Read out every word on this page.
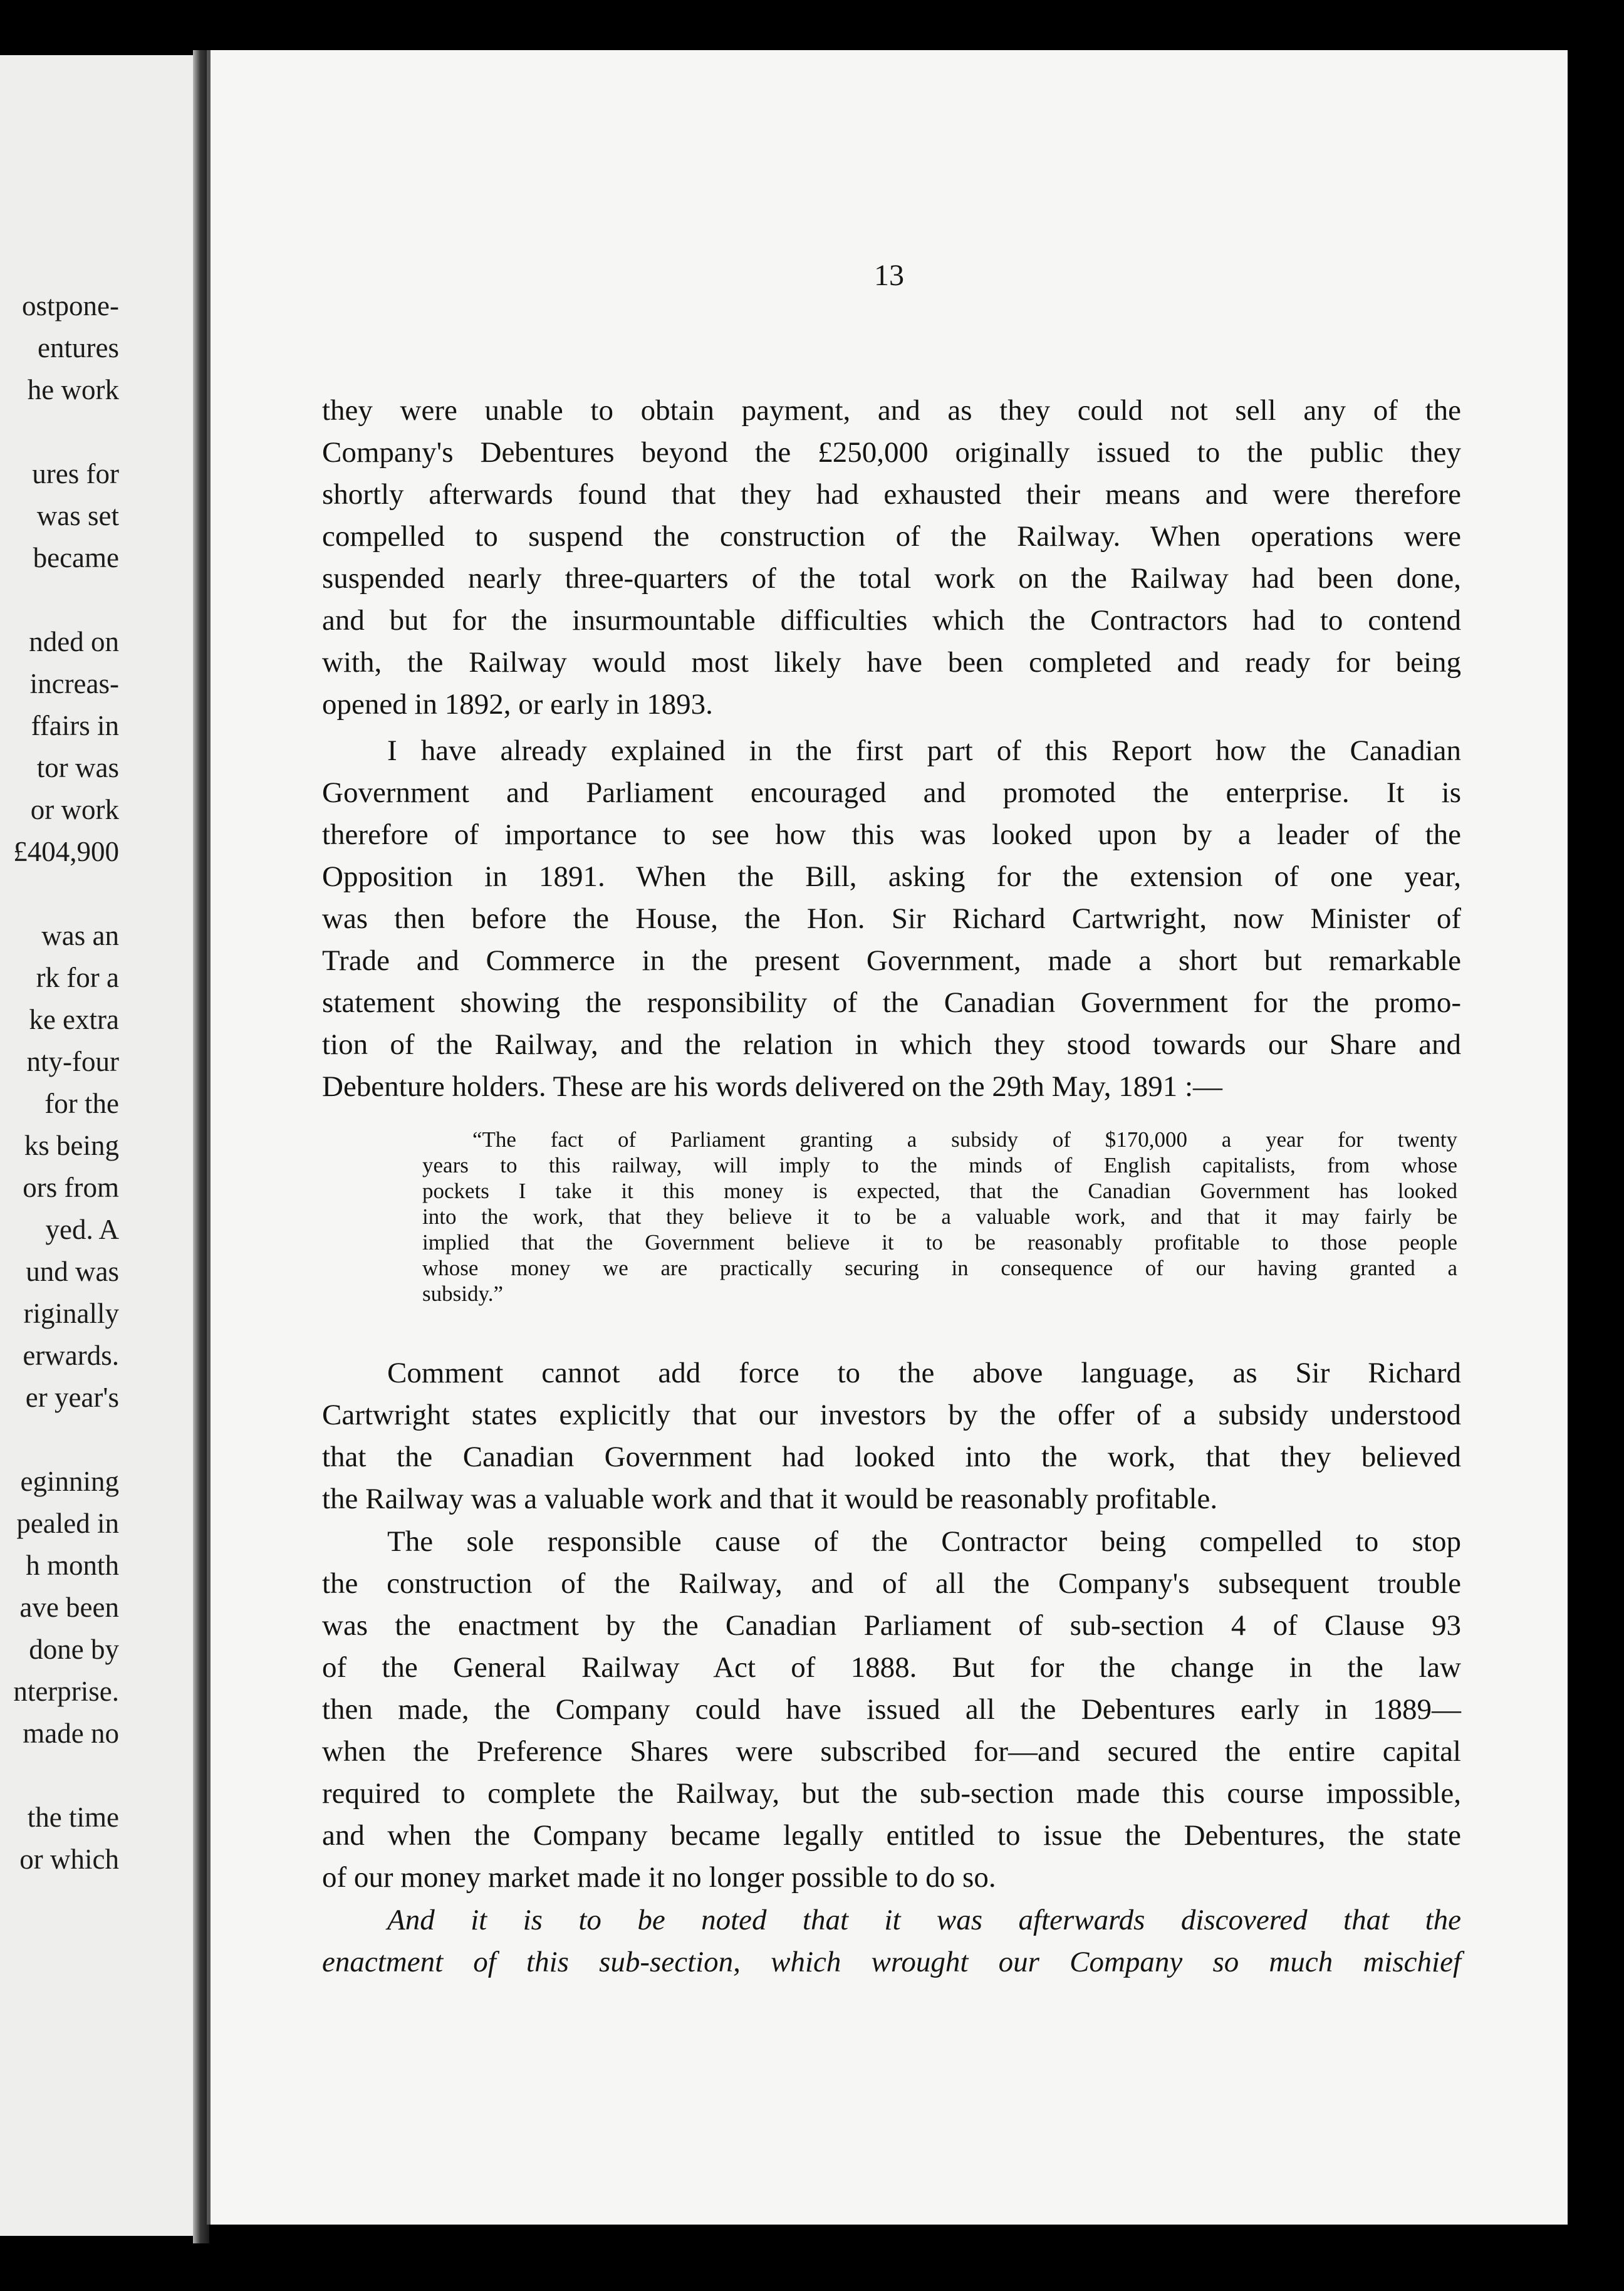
ostpone-
entures
he work
ures for
was set
became
nded on
increas-
ffairs in
tor was
or work
£404,900
was an
rk for a
ke extra
nty-four
for the
ks being
ors from
yed. A
und was
riginally
erwards.
er year's
eginning
pealed in
h month
ave been
done by
nterprise.
made no
the time
or which
13
they were unable to obtain payment, and as they could not sell any of the
Company's Debentures beyond the £250,000 originally issued to the public they
shortly afterwards found that they had exhausted their means and were therefore
compelled to suspend the construction of the Railway. When operations were
suspended nearly three-quarters of the total work on the Railway had been done,
and but for the insurmountable difficulties which the Contractors had to contend
with, the Railway would most likely have been completed and ready for being
opened in 1892, or early in 1893.
I have already explained in the first part of this Report how the Canadian
Government and Parliament encouraged and promoted the enterprise. It is
therefore of importance to see how this was looked upon by a leader of the
Opposition in 1891. When the Bill, asking for the extension of one year,
was then before the House, the Hon. Sir Richard Cartwright, now Minister of
Trade and Commerce in the present Government, made a short but remarkable
statement showing the responsibility of the Canadian Government for the promo-
tion of the Railway, and the relation in which they stood towards our Share and
Debenture holders. These are his words delivered on the 29th May, 1891 :—
“The fact of Parliament granting a subsidy of $170,000 a year for twenty
years to this railway, will imply to the minds of English capitalists, from whose
pockets I take it this money is expected, that the Canadian Government has looked
into the work, that they believe it to be a valuable work, and that it may fairly be
implied that the Government believe it to be reasonably profitable to those people
whose money we are practically securing in consequence of our having granted a
subsidy.”
Comment cannot add force to the above language, as Sir Richard
Cartwright states explicitly that our investors by the offer of a subsidy understood
that the Canadian Government had looked into the work, that they believed
the Railway was a valuable work and that it would be reasonably profitable.
The sole responsible cause of the Contractor being compelled to stop
the construction of the Railway, and of all the Company's subsequent trouble
was the enactment by the Canadian Parliament of sub-section 4 of Clause 93
of the General Railway Act of 1888. But for the change in the law
then made, the Company could have issued all the Debentures early in 1889—
when the Preference Shares were subscribed for—and secured the entire capital
required to complete the Railway, but the sub-section made this course impossible,
and when the Company became legally entitled to issue the Debentures, the state
of our money market made it no longer possible to do so.
And it is to be noted that it was afterwards discovered that the
enactment of this sub-section, which wrought our Company so much mischief
